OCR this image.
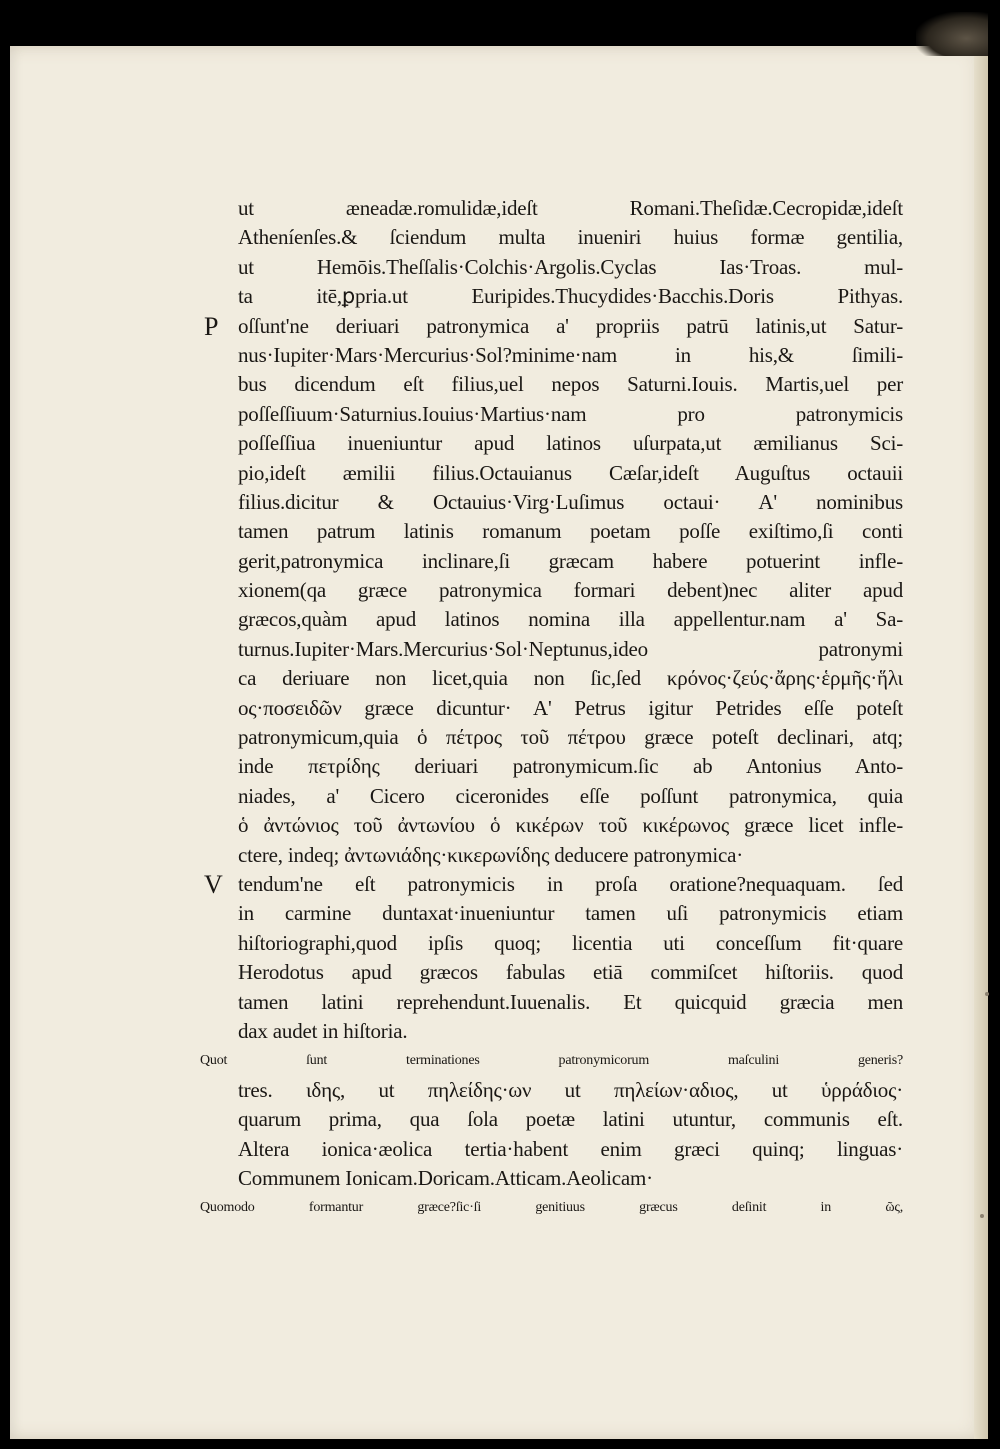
ut æneadæ.romulidæ,ideſt Romani.Theſidæ.Cecropidæ,ideſt
Atheníenſes.& ſciendum multa inueniri huius formæ gentilia,
ut Hemōis.Theſſalis·Colchis·Argolis.Cyclas Ias·Troas. mul-
ta itē,ꝑpria.ut Euripides.Thucydides·Bacchis.Doris Pithyas.
P oſſunt'ne deriuari patronymica a' propriis patrū latinis,ut Satur-
nus·Iupiter·Mars·Mercurius·Sol?minime·nam in his,& ſimili-
bus dicendum eſt filius,uel nepos Saturni.Iouis. Martis,uel per
poſſeſſiuum·Saturnius.Iouius·Martius·nam pro patronymicis
poſſeſſiua inueniuntur apud latinos uſurpata,ut æmilianus Sci-
pio,ideſt æmilii filius.Octauianus Cæſar,ideſt Auguſtus octauii
filius.dicitur & Octauius·Virg·Luſimus octaui· A' nominibus
tamen patrum latinis romanum poetam poſſe exiſtimo,ſi conti
gerit,patronymica inclinare,ſi græcam habere potuerint infle-
xionem(qa græce patronymica formari debent)nec aliter apud
græcos,quàm apud latinos nomina illa appellentur.nam a' Sa-
turnus.Iupiter·Mars.Mercurius·Sol·Neptunus,ideo patronymi
ca deriuare non licet,quia non ſic,ſed κρόνος·ζεύς·ἄρης·ἑρμῆς·ἥλι
ος·ποσειδῶν græce dicuntur· A' Petrus igitur Petrides eſſe poteſt
patronymicum,quia ὁ πέτρος τοῦ πέτρου græce poteſt declinari, atq;
inde πετρίδης deriuari patronymicum.ſic ab Antonius Anto-
niades, a' Cicero ciceronides eſſe poſſunt patronymica, quia
ὁ ἀντώνιος τοῦ ἀντωνίου ὁ κικέρων τοῦ κικέρωνος græce licet infle-
ctere, indeq; ἀντωνιάδης·κικερωνίδης deducere patronymica·
V tendum'ne eſt patronymicis in proſa oratione?nequaquam. ſed
in carmine duntaxat·inueniuntur tamen uſi patronymicis etiam
hiſtoriographi,quod ipſis quoq; licentia uti conceſſum fit·quare
Herodotus apud græcos fabulas etiā commiſcet hiſtoriis. quod
tamen latini reprehendunt.Iuuenalis. Et quicquid græcia men
dax audet in hiſtoria.
Quot ſunt terminationes patronymicorum maſculini generis?
tres. ιδης, ut πηλείδης·ων ut πηλείων·αδιος, ut ὑρράδιος·
quarum prima, qua ſola poetæ latini utuntur, communis eſt.
Altera ionica·æolica tertia·habent enim græci quinq; linguas·
Communem Ionicam.Doricam.Atticam.Aeolicam·
Quomodo formantur græce?ſic·ſi genitiuus græcus deſinit in ῶς,
